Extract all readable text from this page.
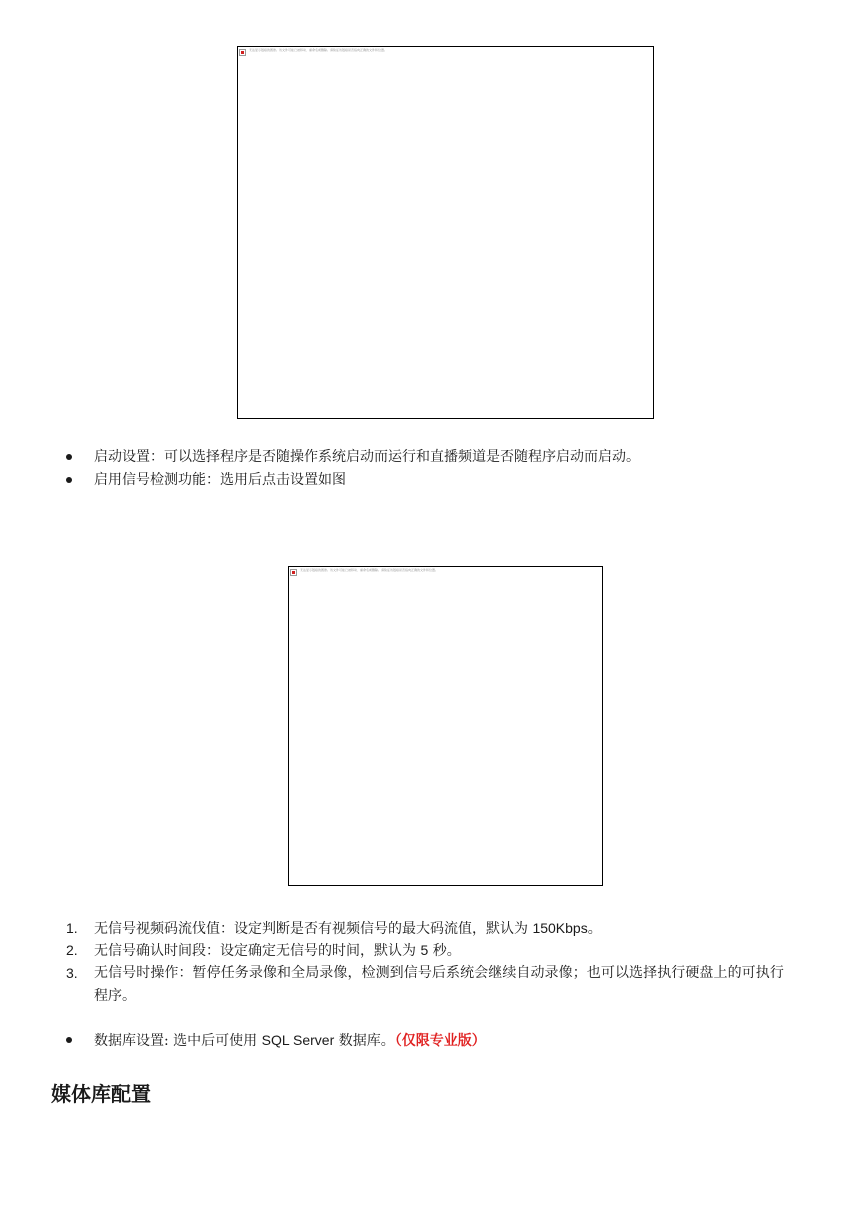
无法显示链接的图像。该文件可能已被移动、重命名或删除。请验证该链接是否指向正确的文件和位置。
启动设置：可以选择程序是否随操作系统启动而运行和直播频道是否随程序启动而启动。
启用信号检测功能：选用后点击设置如图
无法显示链接的图像。该文件可能已被移动、重命名或删除。请验证该链接是否指向正确的文件和位置。
1. 无信号视频码流伐值：设定判断是否有视频信号的最大码流值，默认为 150Kbps。
2. 无信号确认时间段：设定确定无信号的时间，默认为 5 秒。
3. 无信号时操作：暂停任务录像和全局录像，检测到信号后系统会继续自动录像；也可以选择执行硬盘上的可执行
程序。
数据库设置: 选中后可使用 SQL Server 数据库。（仅限专业版）
媒体库配置
